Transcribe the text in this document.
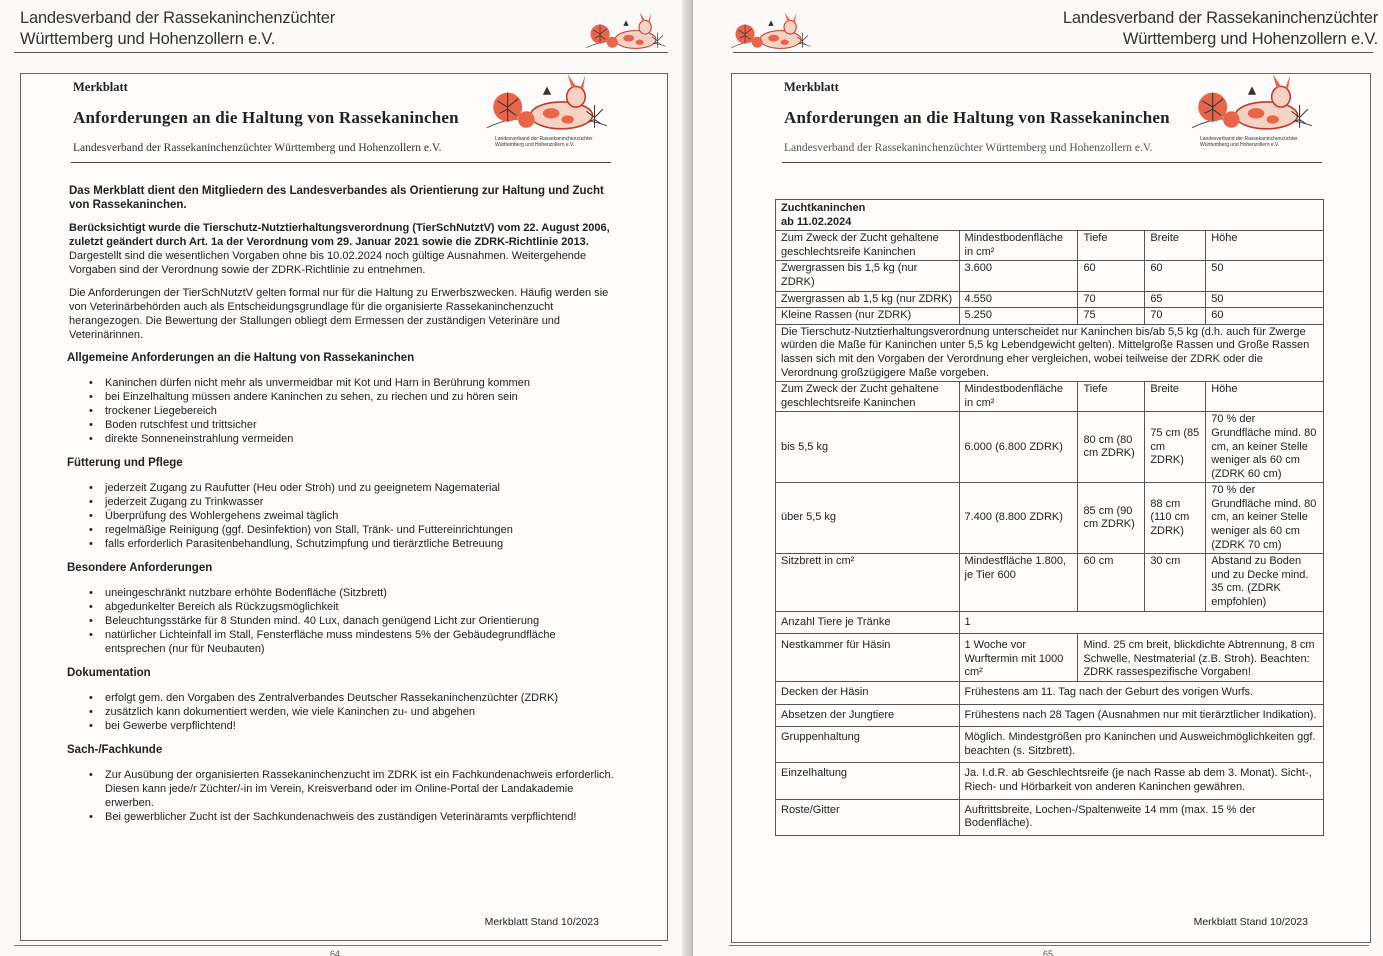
Landesverband der Rassekaninchenzüchter
Württemberg und Hohenzollern e.V.
Merkblatt
Anforderungen an die Haltung von Rassekaninchen
Landesverband der Rassekaninchenzüchter Württemberg und Hohenzollern e.V.
Landesverband der Rassekaninchenzüchter
Württemberg und Hohenzollern e.V.

Das Merkblatt dient den Mitgliedern des Landesverbandes als Orientierung zur Haltung und Zucht von Rassekaninchen.

Berücksichtigt wurde die Tierschutz-Nutztierhaltungsverordnung (TierSchNutztV) vom 22. August 2006, zuletzt geändert durch Art. 1a der Verordnung vom 29. Januar 2021 sowie die ZDRK-Richtlinie 2013. Dargestellt sind die wesentlichen Vorgaben ohne bis 10.02.2024 noch gültige Ausnahmen. Weitergehende Vorgaben sind der Verordnung sowie der ZDRK-Richtlinie zu entnehmen.

Die Anforderungen der TierSchNutztV gelten formal nur für die Haltung zu Erwerbszwecken. Häufig werden sie von Veterinärbehörden auch als Entscheidungsgrundlage für die organisierte Rassekaninchenzucht herangezogen. Die Bewertung der Stallungen obliegt dem Ermessen der zuständigen Veterinäre und Veterinärinnen.

Allgemeine Anforderungen an die Haltung von Rassekaninchen
• Kaninchen dürfen nicht mehr als unvermeidbar mit Kot und Harn in Berührung kommen
• bei Einzelhaltung müssen andere Kaninchen zu sehen, zu riechen und zu hören sein
• trockener Liegebereich
• Boden rutschfest und trittsicher
• direkte Sonneneinstrahlung vermeiden
Fütterung und Pflege
• jederzeit Zugang zu Raufutter (Heu oder Stroh) und zu geeignetem Nagematerial
• jederzeit Zugang zu Trinkwasser
• Überprüfung des Wohlergehens zweimal täglich
• regelmäßige Reinigung (ggf. Desinfektion) von Stall, Tränk- und Futtereinrichtungen
• falls erforderlich Parasitenbehandlung, Schutzimpfung und tierärztliche Betreuung
Besondere Anforderungen
• uneingeschränkt nutzbare erhöhte Bodenfläche (Sitzbrett)
• abgedunkelter Bereich als Rückzugsmöglichkeit
• Beleuchtungsstärke für 8 Stunden mind. 40 Lux, danach genügend Licht zur Orientierung
• natürlicher Lichteinfall im Stall, Fensterfläche muss mindestens 5% der Gebäudegrundfläche entsprechen (nur für Neubauten)
Dokumentation
• erfolgt gem. den Vorgaben des Zentralverbandes Deutscher Rassekaninchenzüchter (ZDRK)
• zusätzlich kann dokumentiert werden, wie viele Kaninchen zu- und abgehen
• bei Gewerbe verpflichtend!
Sach-/Fachkunde
• Zur Ausübung der organisierten Rassekaninchenzucht im ZDRK ist ein Fachkundenachweis erforderlich. Diesen kann jede/r Züchter/-in im Verein, Kreisverband oder im Online-Portal der Landakademie erwerben.
• Bei gewerblicher Zucht ist der Sachkundenachweis des zuständigen Veterinäramts verpflichtend!
Merkblatt Stand 10/2023
64
Landesverband der Rassekaninchenzüchter
Württemberg und Hohenzollern e.V.
Merkblatt
Anforderungen an die Haltung von Rassekaninchen
Landesverband der Rassekaninchenzüchter Württemberg und Hohenzollern e.V.
Landesverband der Rassekaninchenzüchter
Württemberg und Hohenzollern e.V.
Zuchtkaninchen
ab 11.02.2024				

Zum Zweck der Zucht gehaltene geschlechtsreife Kaninchen	Mindestbodenfläche in cm²	Tiefe	Breite	Höhe
Zwergrassen bis 1,5 kg (nur ZDRK)	3.600	60	60	50
Zwergrassen ab 1,5 kg (nur ZDRK)	4.550	70	65	50
Kleine Rassen (nur ZDRK)	5.250	75	70	60
Die Tierschutz-Nutztierhaltungsverordnung unterscheidet nur Kaninchen bis/ab 5,5 kg (d.h. auch für Zwerge würden die Maße für Kaninchen unter 5,5 kg Lebendgewicht gelten). Mittelgroße Rassen und Große Rassen lassen sich mit den Vorgaben der Verordnung eher vergleichen, wobei teilweise der ZDRK oder die Verordnung großzügigere Maße vorgeben.				
Zum Zweck der Zucht gehaltene geschlechtsreife Kaninchen	Mindestbodenfläche in cm²	Tiefe	Breite	Höhe
bis 5,5 kg	6.000 (6.800 ZDRK)	80 cm (80 cm ZDRK)	75 cm (85 cm ZDRK)	70 % der Grundfläche mind. 80 cm, an keiner Stelle weniger als 60 cm (ZDRK 60 cm)
über 5,5 kg	7.400 (8.800 ZDRK)	85 cm (90 cm ZDRK)	88 cm (110 cm ZDRK)	70 % der Grundfläche mind. 80 cm, an keiner Stelle weniger als 60 cm (ZDRK 70 cm)
Sitzbrett in cm²	Mindestfläche 1.800, je Tier 600	60 cm	30 cm	Abstand zu Boden und zu Decke mind. 35 cm. (ZDRK empfohlen)
Anzahl Tiere je Tränke	1			
Nestkammer für Häsin	1 Woche vor Wurftermin mit 1000 cm²	Mind. 25 cm breit, blickdichte Abtrennung, 8 cm Schwelle, Nestmaterial (z.B. Stroh). Beachten: ZDRK rassespezifische Vorgaben!		
Decken der Häsin	Frühestens am 11. Tag nach der Geburt des vorigen Wurfs.			
Absetzen der Jungtiere	Frühestens nach 28 Tagen (Ausnahmen nur mit tierärztlicher Indikation).			
Gruppenhaltung	Möglich. Mindestgrößen pro Kaninchen und Ausweichmöglichkeiten ggf. beachten (s. Sitzbrett).			
Einzelhaltung	Ja. I.d.R. ab Geschlechtsreife (je nach Rasse ab dem 3. Monat). Sicht-, Riech- und Hörbarkeit von anderen Kaninchen gewähren.			
Roste/Gitter	Auftrittsbreite, Lochen-/Spaltenweite 14 mm (max. 15 % der Bodenfläche).			
Merkblatt Stand 10/2023
65
